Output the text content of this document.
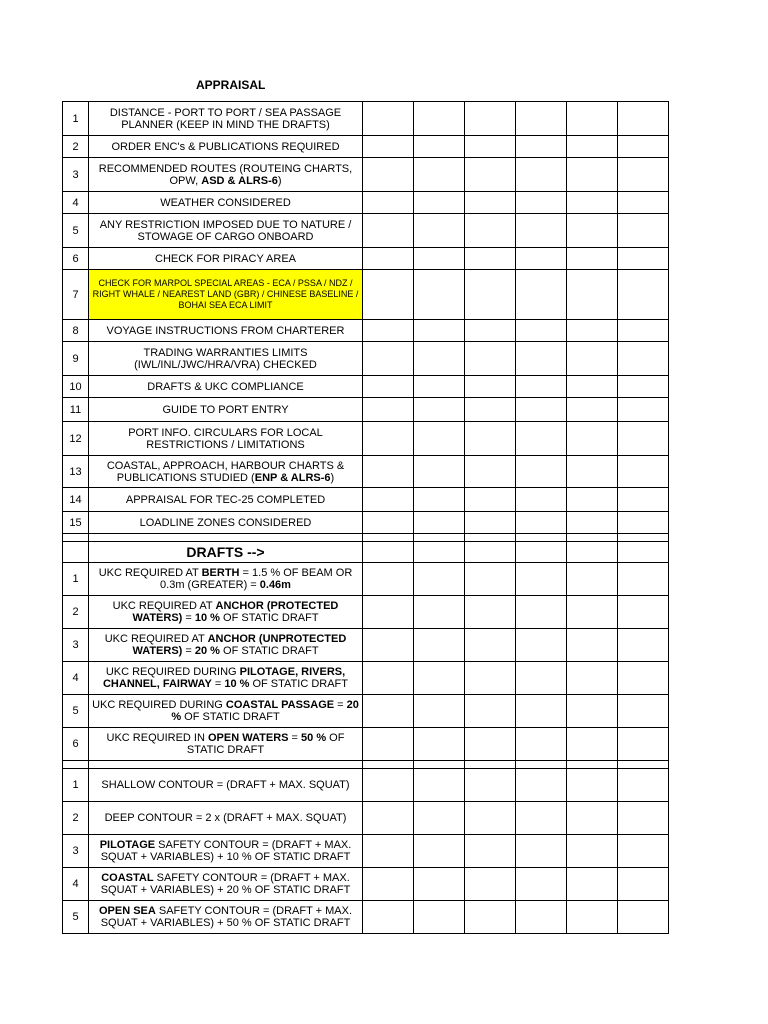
APPRAISAL
1	DISTANCE - PORT TO PORT / SEA PASSAGE PLANNER (KEEP IN MIND THE DRAFTS)						
2	ORDER ENC's & PUBLICATIONS REQUIRED						
3	RECOMMENDED ROUTES (ROUTEING CHARTS, OPW, ASD & ALRS-6)						
4	WEATHER CONSIDERED						
5	ANY RESTRICTION IMPOSED DUE TO NATURE / STOWAGE OF CARGO ONBOARD						
6	CHECK FOR PIRACY AREA						
7	CHECK FOR MARPOL SPECIAL AREAS - ECA / PSSA / NDZ / RIGHT WHALE / NEAREST LAND (GBR) / CHINESE BASELINE / BOHAI SEA ECA LIMIT						
8	VOYAGE INSTRUCTIONS FROM CHARTERER						
9	TRADING WARRANTIES LIMITS (IWL/INL/JWC/HRA/VRA) CHECKED						
10	DRAFTS & UKC COMPLIANCE						
11	GUIDE TO PORT ENTRY						
12	PORT INFO. CIRCULARS FOR LOCAL RESTRICTIONS / LIMITATIONS						
13	COASTAL, APPROACH, HARBOUR CHARTS & PUBLICATIONS STUDIED (ENP & ALRS-6)						
14	APPRAISAL FOR TEC-25 COMPLETED						
15	LOADLINE ZONES CONSIDERED						

	DRAFTS -->						
1	UKC REQUIRED AT BERTH = 1.5 % OF BEAM OR 0.3m (GREATER) = 0.46m						
2	UKC REQUIRED AT ANCHOR (PROTECTED WATERS) = 10 % OF STATIC DRAFT						
3	UKC REQUIRED AT ANCHOR (UNPROTECTED WATERS) = 20 % OF STATIC DRAFT						
4	UKC REQUIRED DURING PILOTAGE, RIVERS, CHANNEL, FAIRWAY = 10 % OF STATIC DRAFT						
5	UKC REQUIRED DURING COASTAL PASSAGE = 20 % OF STATIC DRAFT						
6	UKC REQUIRED IN OPEN WATERS = 50 % OF STATIC DRAFT						

1	SHALLOW CONTOUR = (DRAFT + MAX. SQUAT)						
2	DEEP CONTOUR = 2 x (DRAFT + MAX. SQUAT)						
3	PILOTAGE SAFETY CONTOUR = (DRAFT + MAX. SQUAT + VARIABLES) + 10 % OF STATIC DRAFT						
4	COASTAL SAFETY CONTOUR = (DRAFT + MAX. SQUAT + VARIABLES) + 20 % OF STATIC DRAFT						
5	OPEN SEA SAFETY CONTOUR = (DRAFT + MAX. SQUAT + VARIABLES) + 50 % OF STATIC DRAFT						
